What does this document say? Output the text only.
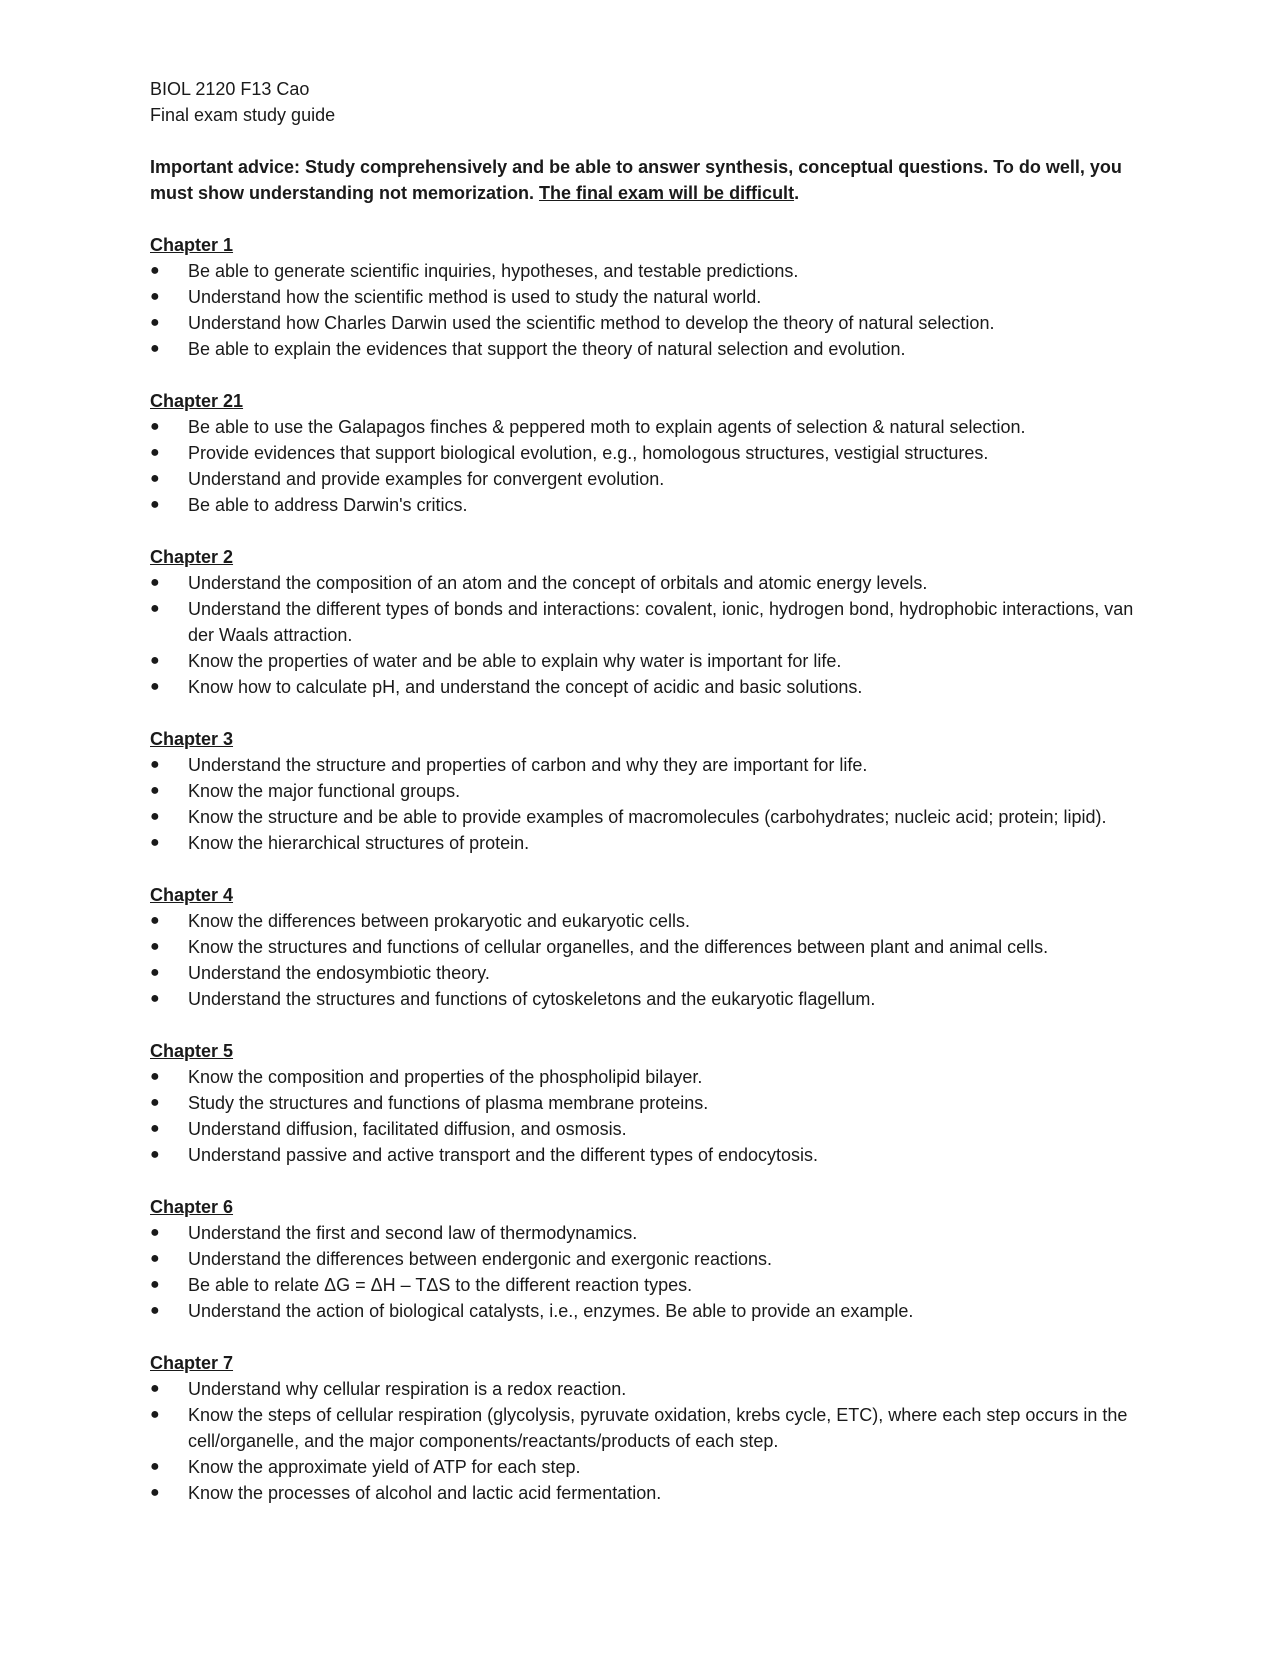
BIOL 2120 F13 Cao

Final exam study guide

Important advice: Study comprehensively and be able to answer synthesis, conceptual questions. To do well, you must show understanding not memorization. The final exam will be difficult.

Chapter 1

●	Be able to generate scientific inquiries, hypotheses, and testable predictions.
●	Understand how the scientific method is used to study the natural world.
●	Understand how Charles Darwin used the scientific method to develop the theory of natural selection.
●	Be able to explain the evidences that support the theory of natural selection and evolution.

Chapter 21

●	Be able to use the Galapagos finches & peppered moth to explain agents of selection & natural selection.
●	Provide evidences that support biological evolution, e.g., homologous structures, vestigial structures.
●	Understand and provide examples for convergent evolution.
●	Be able to address Darwin's critics.

Chapter 2

●	Understand the composition of an atom and the concept of orbitals and atomic energy levels.
●	Understand the different types of bonds and interactions: covalent, ionic, hydrogen bond, hydrophobic interactions, van der Waals attraction.
●	Know the properties of water and be able to explain why water is important for life.
●	Know how to calculate pH, and understand the concept of acidic and basic solutions.

Chapter 3

●	Understand the structure and properties of carbon and why they are important for life.
●	Know the major functional groups.
●	Know the structure and be able to provide examples of macromolecules (carbohydrates; nucleic acid; protein; lipid).
●	Know the hierarchical structures of protein.

Chapter 4

●	Know the differences between prokaryotic and eukaryotic cells.
●	Know the structures and functions of cellular organelles, and the differences between plant and animal cells.
●	Understand the endosymbiotic theory.
●	Understand the structures and functions of cytoskeletons and the eukaryotic flagellum.

Chapter 5

●	Know the composition and properties of the phospholipid bilayer.
●	Study the structures and functions of plasma membrane proteins.
●	Understand diffusion, facilitated diffusion, and osmosis.
●	Understand passive and active transport and the different types of endocytosis.

Chapter 6

●	Understand the first and second law of thermodynamics.
●	Understand the differences between endergonic and exergonic reactions.
●	Be able to relate ΔG = ΔH – TΔS to the different reaction types.
●	Understand the action of biological catalysts, i.e., enzymes. Be able to provide an example.

Chapter 7

●	Understand why cellular respiration is a redox reaction.
●	Know the steps of cellular respiration (glycolysis, pyruvate oxidation, krebs cycle, ETC), where each step occurs in the cell/organelle, and the major components/reactants/products of each step.
●	Know the approximate yield of ATP for each step.
●	Know the processes of alcohol and lactic acid fermentation.
